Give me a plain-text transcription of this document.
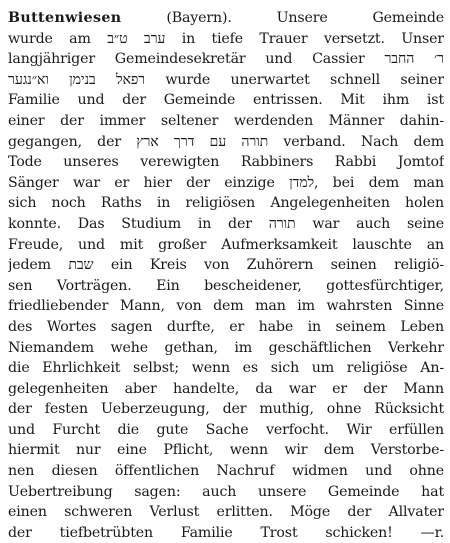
Buttenwiesen (Bayern). Unsere Gemeinde
wurde am ערב ט״ב in tiefe Trauer versetzt. Unser
langjähriger Gemeindesekretär und Cassier ר׳ החבר
רפאל בנימן וא״נגער wurde unerwartet schnell seiner
Familie und der Gemeinde entrissen. Mit ihm ist
einer der immer seltener werdenden Männer dahin-
gegangen, der תורה עם דרך ארץ verband. Nach dem
Tode unseres verewigten Rabbiners Rabbi Jomtof
Sänger war er hier der einzige למדן, bei dem man
sich noch Raths in religiösen Angelegenheiten holen
konnte. Das Studium in der תורה war auch seine
Freude, und mit großer Aufmerksamkeit lauschte an
jedem שבת ein Kreis von Zuhörern seinen religiö-
sen Vorträgen. Ein bescheidener, gottesfürchtiger,
friedliebender Mann, von dem man im wahrsten Sinne
des Wortes sagen durfte, er habe in seinem Leben
Niemandem wehe gethan, im geschäftlichen Verkehr
die Ehrlichkeit selbst; wenn es sich um religiöse An-
gelegenheiten aber handelte, da war er der Mann
der festen Ueberzeugung, der muthig, ohne Rücksicht
und Furcht die gute Sache verfocht. Wir erfüllen
hiermit nur eine Pflicht, wenn wir dem Verstorbe-
nen diesen öffentlichen Nachruf widmen und ohne
Uebertreibung sagen: auch unsere Gemeinde hat
einen schweren Verlust erlitten. Möge der Allvater
der tiefbetrübten Familie Trost schicken! —r.
